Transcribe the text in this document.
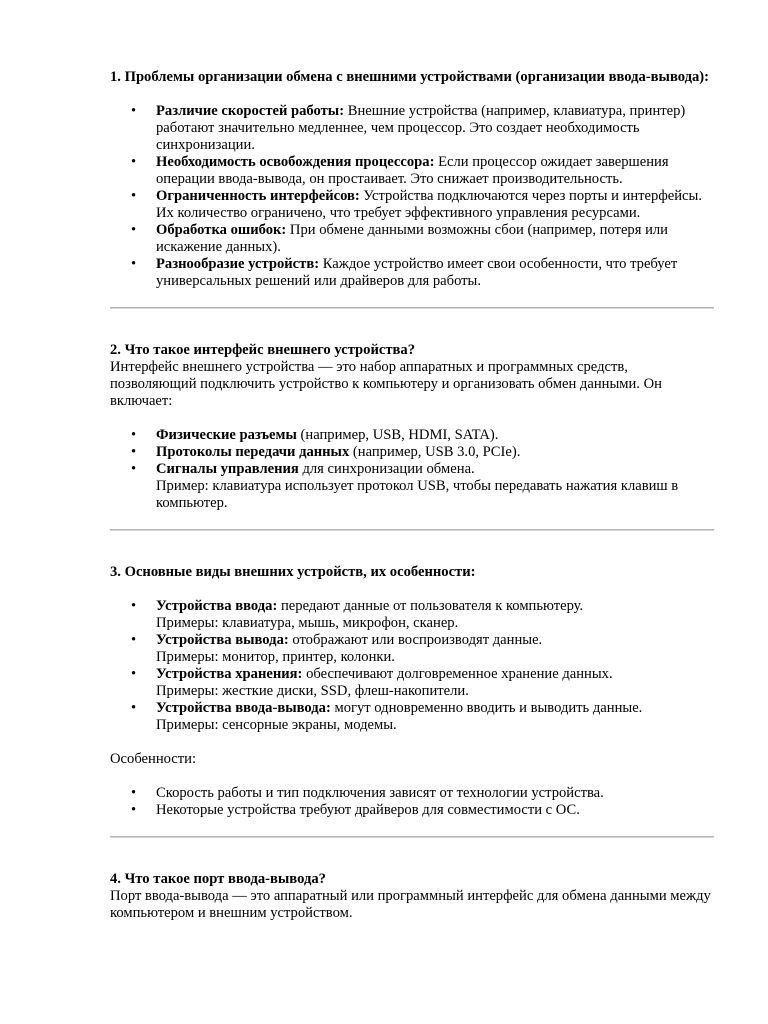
1. Проблемы организации обмена с внешними устройствами (организации ввода-вывода):

• Различие скоростей работы: Внешние устройства (например, клавиатура, принтер) работают значительно медленнее, чем процессор. Это создает необходимость синхронизации.
• Необходимость освобождения процессора: Если процессор ожидает завершения операции ввода-вывода, он простаивает. Это снижает производительность.
• Ограниченность интерфейсов: Устройства подключаются через порты и интерфейсы. Их количество ограничено, что требует эффективного управления ресурсами.
• Обработка ошибок: При обмене данными возможны сбои (например, потеря или искажение данных).
• Разнообразие устройств: Каждое устройство имеет свои особенности, что требует универсальных решений или драйверов для работы.

2. Что такое интерфейс внешнего устройства?

Интерфейс внешнего устройства — это набор аппаратных и программных средств, позволяющий подключить устройство к компьютеру и организовать обмен данными. Он включает:

• Физические разъемы (например, USB, HDMI, SATA).
• Протоколы передачи данных (например, USB 3.0, PCIe).
• Сигналы управления для синхронизации обмена.
Пример: клавиатура использует протокол USB, чтобы передавать нажатия клавиш в компьютер.

3. Основные виды внешних устройств, их особенности:

• Устройства ввода: передают данные от пользователя к компьютеру.
Примеры: клавиатура, мышь, микрофон, сканер.
• Устройства вывода: отображают или воспроизводят данные.
Примеры: монитор, принтер, колонки.
• Устройства хранения: обеспечивают долговременное хранение данных.
Примеры: жесткие диски, SSD, флеш-накопители.
• Устройства ввода-вывода: могут одновременно вводить и выводить данные.
Примеры: сенсорные экраны, модемы.

Особенности:

• Скорость работы и тип подключения зависят от технологии устройства.
• Некоторые устройства требуют драйверов для совместимости с ОС.

4. Что такое порт ввода-вывода?

Порт ввода-вывода — это аппаратный или программный интерфейс для обмена данными между компьютером и внешним устройством.
